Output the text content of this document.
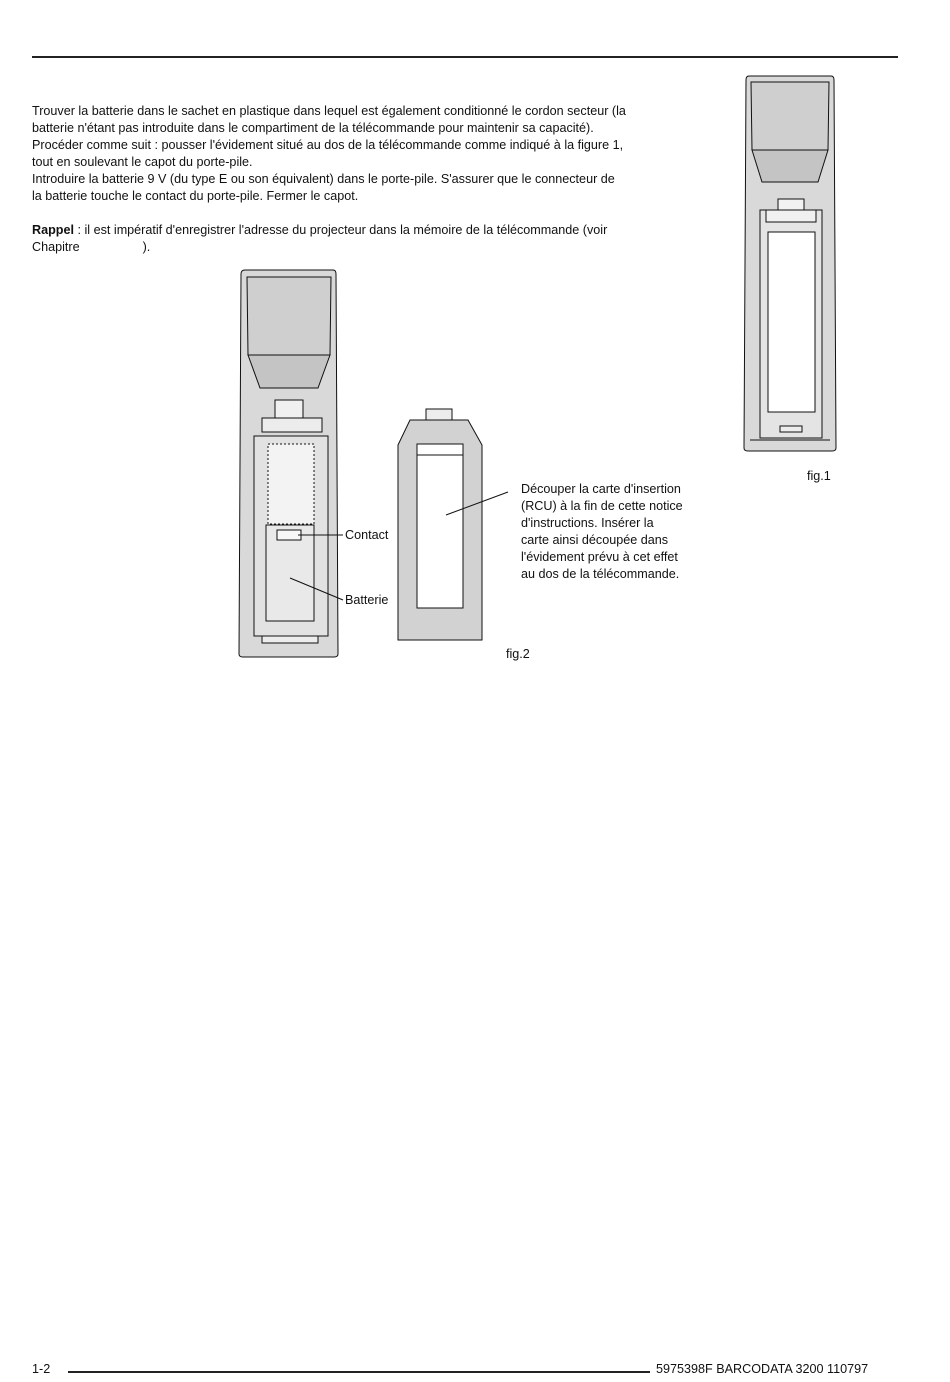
Trouver la batterie dans le sachet en plastique dans lequel est également conditionné le cordon secteur (la
batterie n'étant pas introduite dans le compartiment de la télécommande pour maintenir sa capacité).
Procéder comme suit : pousser l'évidement situé au dos de la télécommande comme indiqué à la figure 1,
tout en soulevant le capot du porte-pile.
Introduire la batterie 9 V (du type E ou son équivalent) dans le porte-pile. S'assurer que le connecteur de
la batterie touche le contact du porte-pile. Fermer le capot.

Rappel : il est impératif d'enregistrer l'adresse du projecteur dans la mémoire de la télécommande (voir
Chapitre                  ).

Contact
Batterie
Découper la carte d'insertion
(RCU) à la fin de cette notice
d'instructions. Insérer la
carte ainsi découpée dans
l'évidement prévu à cet effet
au dos de la télécommande.
fig.1
fig.2
1-2	5975398F BARCODATA 3200 110797
